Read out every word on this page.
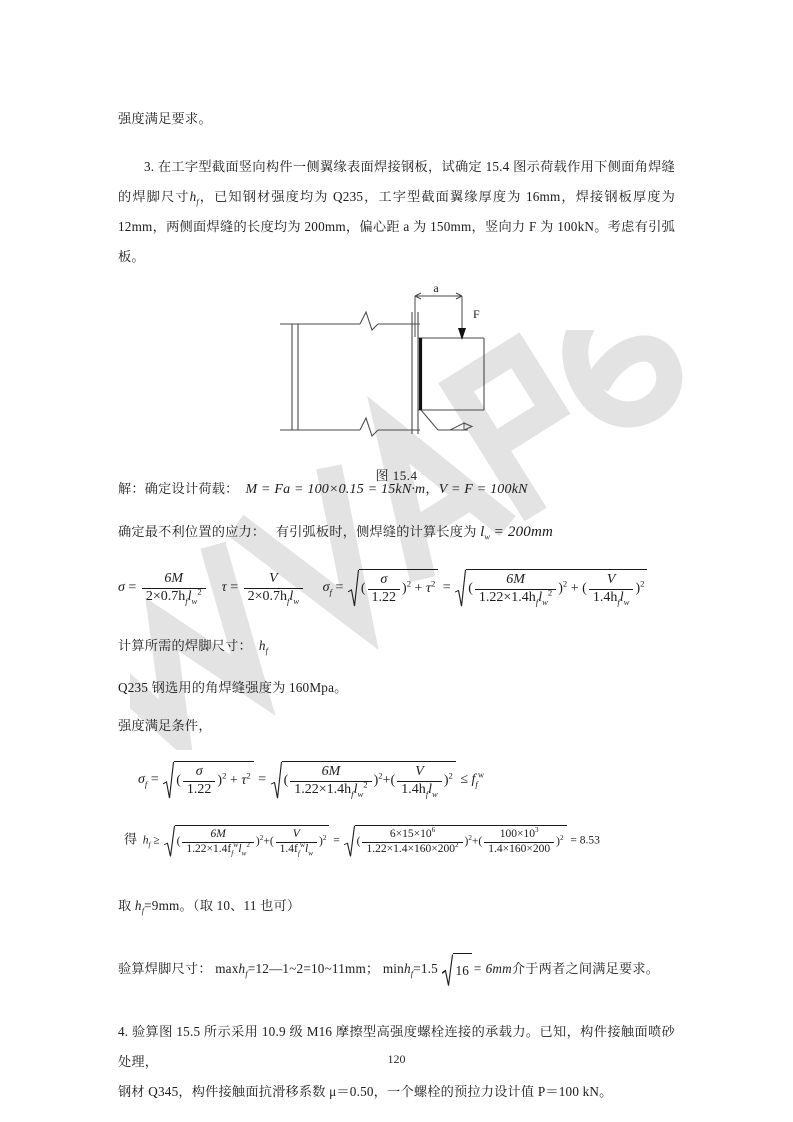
强度满足要求。

3. 在工字型截面竖向构件一侧翼缘表面焊接钢板，试确定 15.4 图示荷载作用下侧面角焊缝的焊脚尺寸$h_f$，已知钢材强度均为 Q235，工字型截面翼缘厚度为 16mm，焊接钢板厚度为 12mm，两侧面焊缝的长度均为 200mm，偏心距 a 为 150mm，竖向力 F 为 100kN。考虑有引弧板。

a
F
图 15.4

解：确定设计荷载： M = Fa = 100×0.15 = 15kN·m，V = F = 100kN

确定最不利位置的应力： 有引弧板时，侧焊缝的计算长度为 $l_w = 200mm$

$\sigma = \frac{6M}{2\times 0.7h_fl_w^2}$ $\tau = \frac{V}{2\times 0.7h_fl_w} \sigma_f$ = ( $\frac{\sigma}{1.22} )^2 + \tau^2$ = ( $\frac{6M}{1.22\times 1.4h_fl_w^2} )^2$ + ( $\frac{V}{1.4h_fl_w} )^2$

计算所需的焊脚尺寸： $h_f$

Q235 钢选用的角焊缝强度为 160Mpa。

强度满足条件，

$\sigma_f$ = ( $\frac{\sigma}{1.22} )^2 + \tau^2$ = ( $\frac{6M}{1.22\times 1.4h_fl_w^2} )^2+( \frac{V}{1.4h_fl_w} )^2 \le f_f^w$
得 $h_f$ ≥ ( $\frac{6M}{1.22\times 1.4f_f^wl_w^2} )^2+( \frac{V}{1.4f_f^wl_w} )^2$ = ( $\frac{6\times 15\times 10^6}{1.22\times 1.4\times 160\times 200^2} )^2+( \frac{100\times 10^3}{1.4\times 160\times 200} )^2 = 8.53$

取 $h_f=9mm$。（取 10、11 也可）

验算焊脚尺寸： maxh$_f$=12—1~2=10~11mm； minh$_f$=1.5 16 = 6mm介于两者之间满足要求。

4. 验算图 15.5 所示采用 10.9 级 M16 摩擦型高强度螺栓连接的承载力。已知，构件接触面喷砂处理，

钢材 Q345，构件接触面抗滑移系数 μ＝0.50，一个螺栓的预拉力设计值 P＝100 kN。

120
